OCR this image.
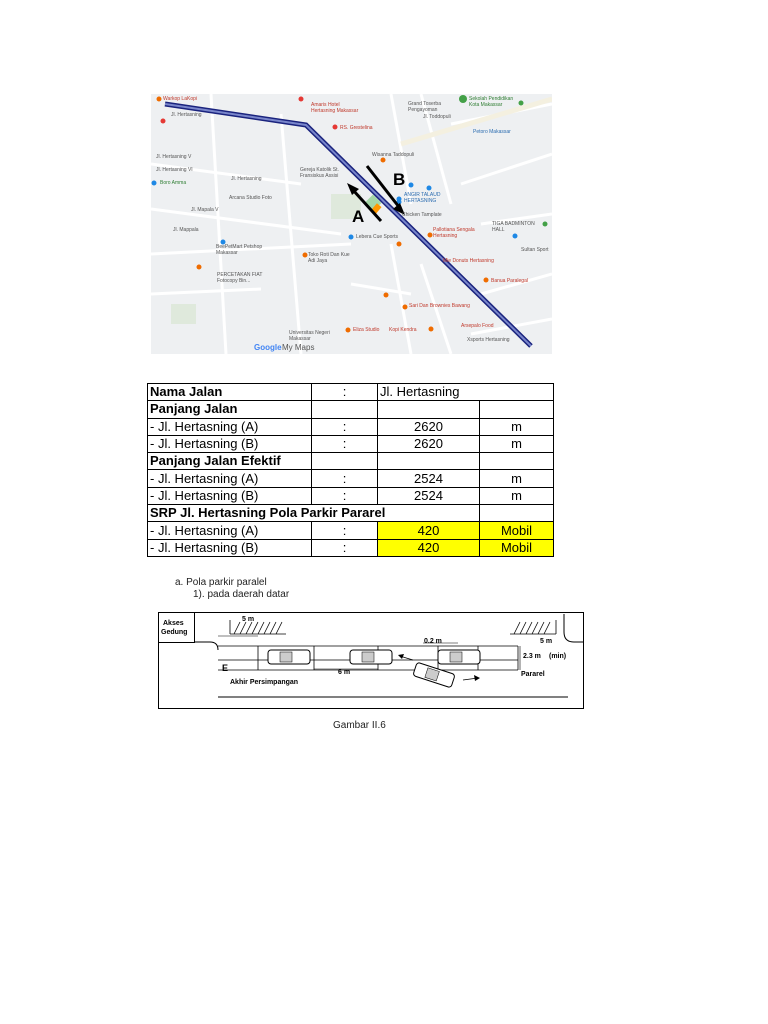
A
B
Warkop LaKopi
Amaris Hotel Hertasning Makassar
Grand Toserba Pengayoman
Sekolah Pendidikan Kota Makassar
RS. Grestelina
Petoro Makassar
Wisanna Taddopuli
Jl. Hertasning
Jl. Hertasning V
Jl. Hertasning VI
Jl. Hertasning
Jl. Toddopuli
Gereja Katolik St. Fransiskus Assisi
ANGIR TALAUD HERTASNING
Chicken Tamplate
Boro Amma
Arcana Studio Foto
Jl. Mapala V
Jl. Mappala	Pallotiana Sengala Hertasning
TIGA BADMINTON HALL
Sultan Sport
Lebera Cue Sports
BeePetMart Petshop Makassar	Toko Roti Dan Kue Adi Jaya	Mie Donuts Hertasning
Banua Paralegal
PERCETAKAN FIAT Fotocopy Bin...
Sari Dan Brownies Bawang
Arsepalo Food
Eliza Studio Kopi Kendra
Universitas Negeri Makassar	Xsports Hertasning
Google My Maps
Nama Jalan	:	Jl. Hertasning	
Panjang Jalan			
- Jl. Hertasning (A)	:	2620	m
- Jl. Hertasning (B)	:	2620	m
Panjang Jalan Efektif			
- Jl. Hertasning (A)	:	2524	m
- Jl. Hertasning (B)	:	2524	m
SRP Jl. Hertasning Pola Parkir Pararel			
- Jl. Hertasning (A)	:	420	Mobil
- Jl. Hertasning (B)	:	420	Mobil
a. Pola parkir paralel
1). pada daerah datar
Akses
Gedung
5 m
0.2 m	5 m
6 m
2.3 m (min)
E
Akhir Persimpangan
Pararel
Gambar II.6
